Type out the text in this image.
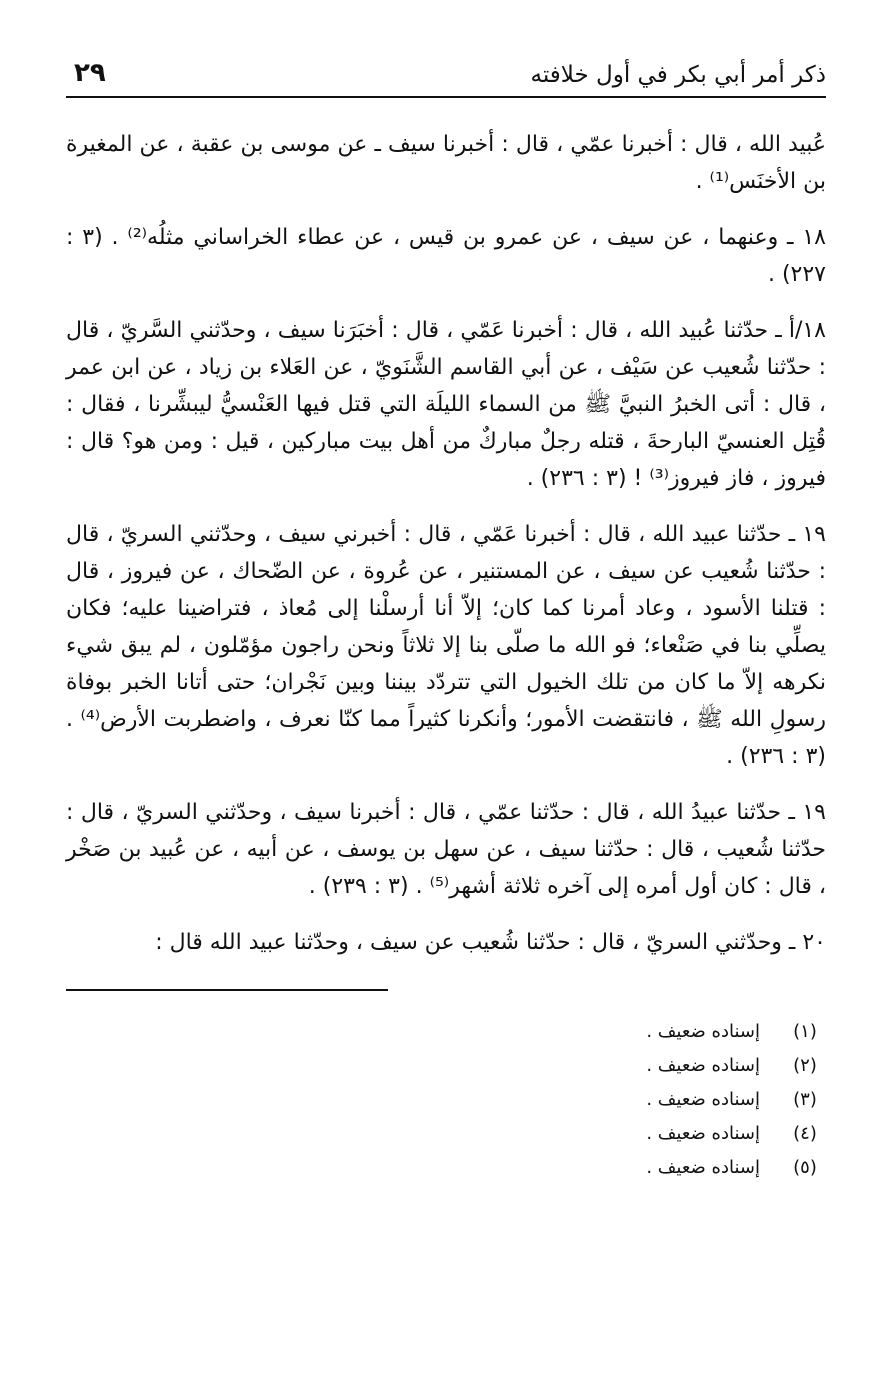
ذكر أمر أبي بكر في أول خلافته
٢٩

عُبيد الله ، قال : أخبرنا عمّي ، قال : أخبرنا سيف ـ عن موسى بن عقبة ، عن المغيرة بن الأخنَس⁽¹⁾ .

١٨ ـ وعنهما ، عن سيف ، عن عمرو بن قيس ، عن عطاء الخراساني مثلُه⁽²⁾ . (٣ : ٢٢٧) .

١٨/أ ـ حدّثنا عُبيد الله ، قال : أخبرنا عَمّي ، قال : أخبَرَنا سيف ، وحدّثني السَّريّ ، قال : حدّثنا شُعيب عن سَيْف ، عن أبي القاسم الشَّنَويّ ، عن العَلاء بن زياد ، عن ابن عمر ، قال : أتى الخبرُ النبيَّ ﷺ من السماء الليلَة التي قتل فيها العَنْسيُّ ليبشِّرنا ، فقال : قُتِل العنسيّ البارحةَ ، قتله رجلٌ مباركٌ من أهل بيت مباركين ، قيل : ومن هو؟ قال : فيروز ، فاز فيروز⁽³⁾ ! (٣ : ٢٣٦) .

١٩ ـ حدّثنا عبيد الله ، قال : أخبرنا عَمّي ، قال : أخبرني سيف ، وحدّثني السريّ ، قال : حدّثنا شُعيب عن سيف ، عن المستنير ، عن عُروة ، عن الضّحاك ، عن فيروز ، قال : قتلنا الأسود ، وعاد أمرنا كما كان؛ إلاّ أنا أرسلْنا إلى مُعاذ ، فتراضينا عليه؛ فكان يصلِّي بنا في صَنْعاء؛ فو الله ما صلّى بنا إلا ثلاثاً ونحن راجون مؤمّلون ، لم يبق شيء نكرهه إلاّ ما كان من تلك الخيول التي تتردّد بيننا وبين نَجْران؛ حتى أتانا الخبر بوفاة رسولِ الله ﷺ ، فانتقضت الأمور؛ وأنكرنا كثيراً مما كنّا نعرف ، واضطربت الأرض⁽⁴⁾ . (٣ : ٢٣٦) .

١٩ ـ حدّثنا عبيدُ الله ، قال : حدّثنا عمّي ، قال : أخبرنا سيف ، وحدّثني السريّ ، قال : حدّثنا شُعيب ، قال : حدّثنا سيف ، عن سهل بن يوسف ، عن أبيه ، عن عُبيد بن صَخْر ، قال : كان أول أمره إلى آخره ثلاثة أشهر⁽⁵⁾ . (٣ : ٢٣٩) .

٢٠ ـ وحدّثني السريّ ، قال : حدّثنا شُعيب عن سيف ، وحدّثنا عبيد الله قال :

(١)
إسناده ضعيف .
(٢)
إسناده ضعيف .
(٣)
إسناده ضعيف .
(٤)
إسناده ضعيف .
(٥)
إسناده ضعيف .
